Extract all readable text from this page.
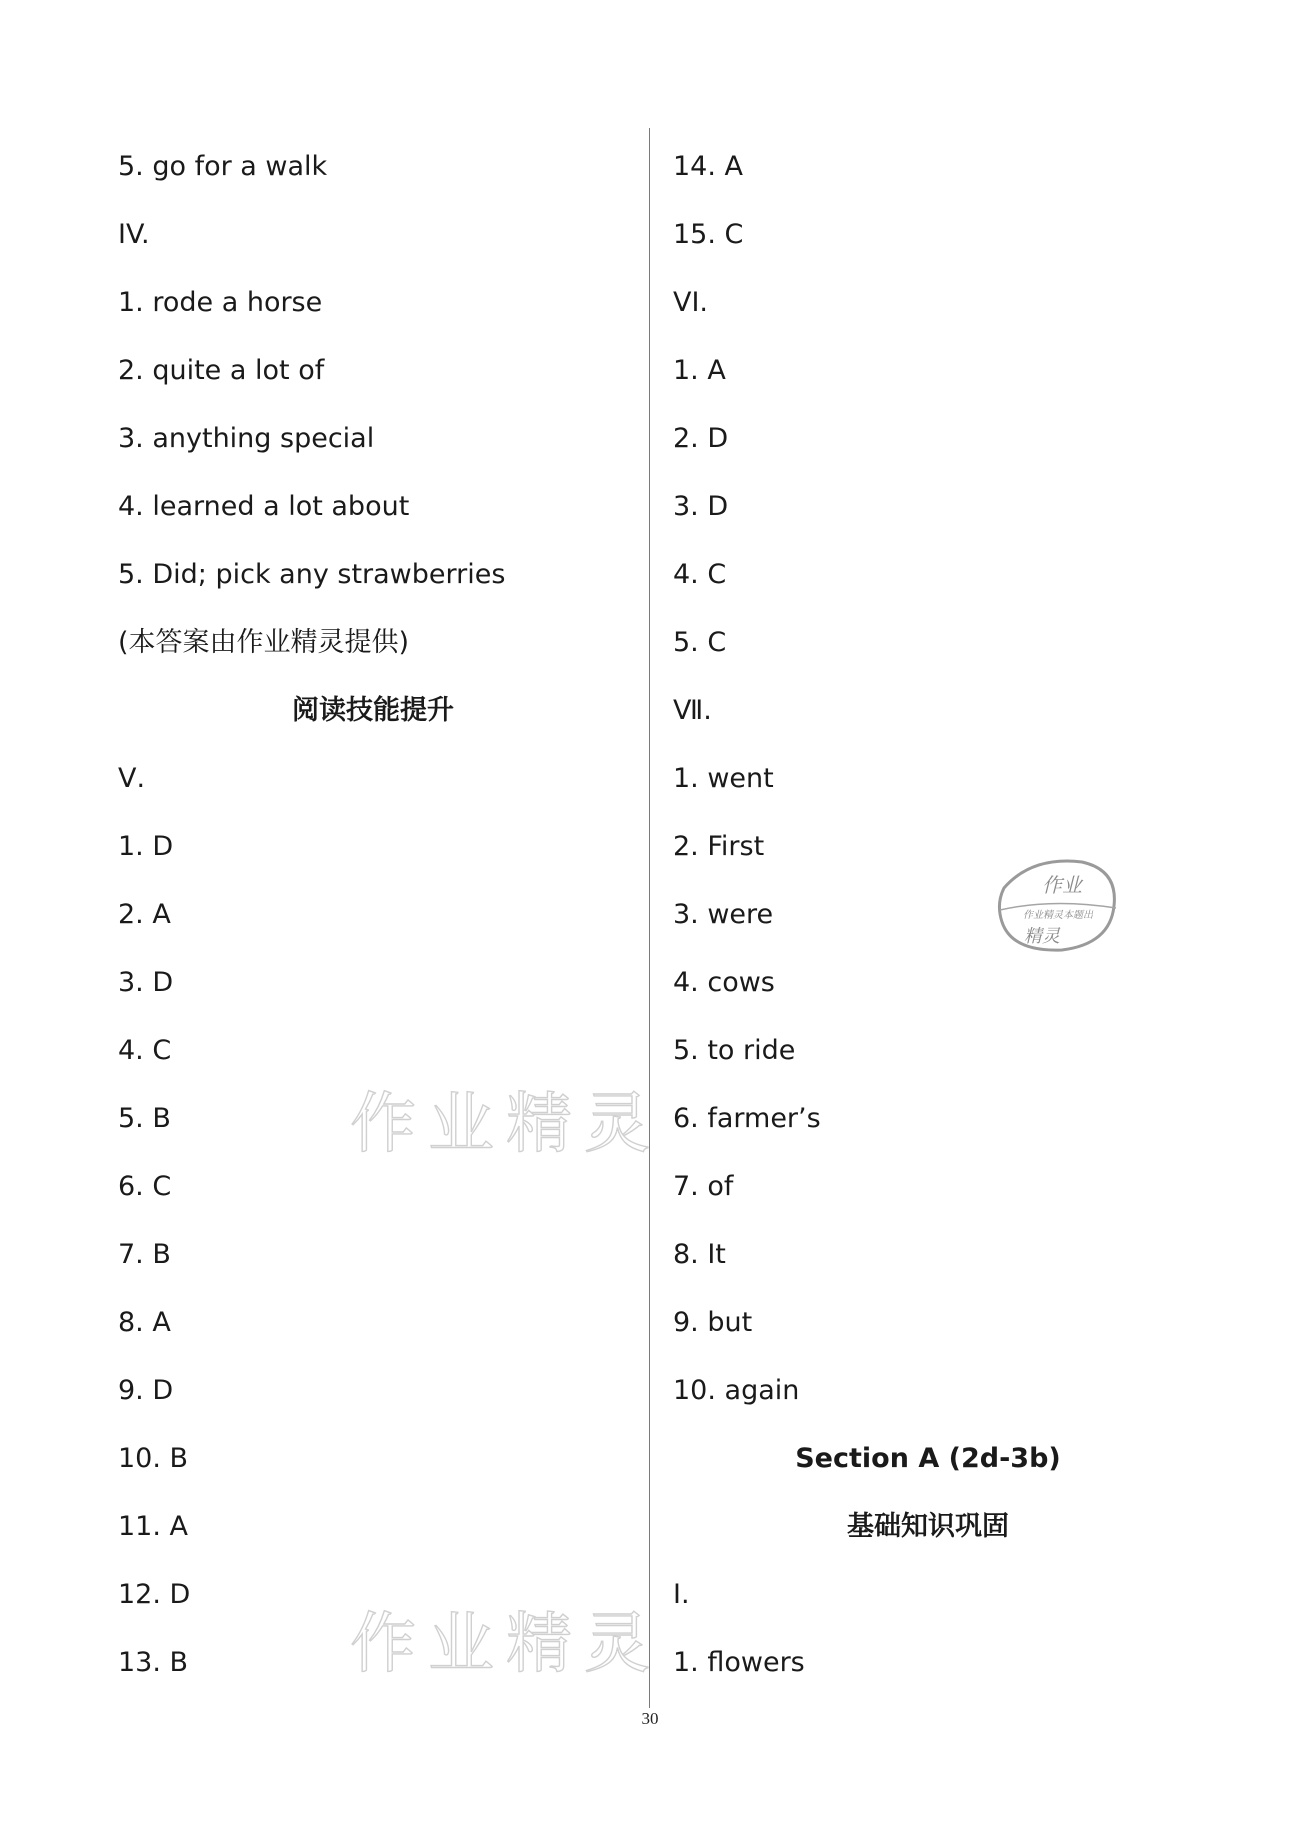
5. go for a walk
IV.
1. rode a horse
2. quite a lot of
3. anything special
4. learned a lot about
5. Did; pick any strawberries
(本答案由作业精灵提供)
阅读技能提升
Ⅴ.
1. D
2. A
3. D
4. C
5. B
6. C
7. B
8. A
9. D
10. B
11. A
12. D
13. B
14. A
15. C
VI.
1. A
2. D
3. D
4. C
5. C
Ⅶ.
1. went
2. First
3. were
4. cows
5. to ride
6. farmer’s
7. of
8. It
9. but
10. again
Section A (2d-3b)
基础知识巩固
Ⅰ.
1. flowers
作业精灵
作业精灵
作业
作业精灵本题出
精灵
30
